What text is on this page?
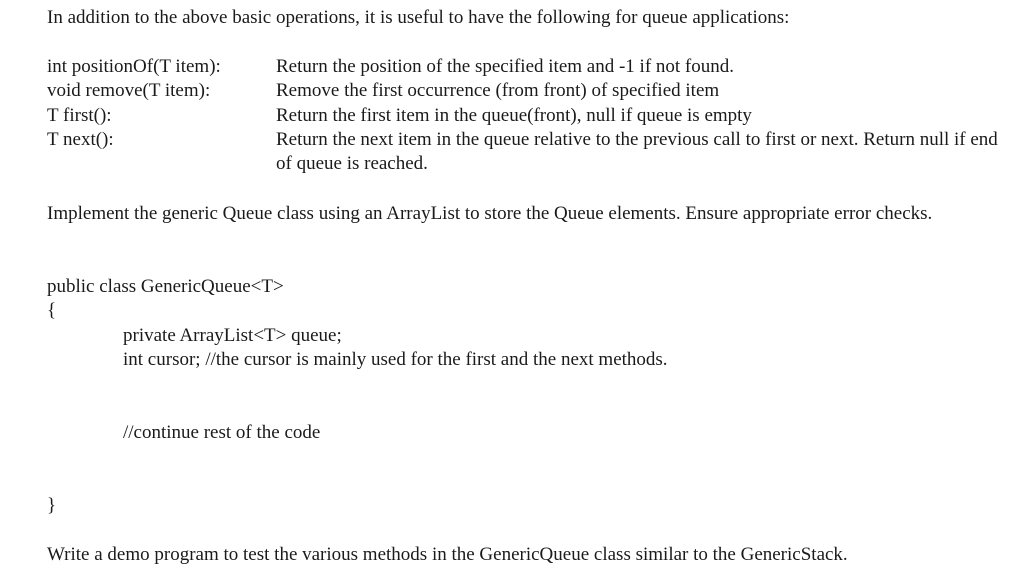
In addition to the above basic operations, it is useful to have the following for queue applications:
int positionOf(T item):	Return the position of the specified item and -1 if not found.
void remove(T item):	Remove the first occurrence (from front) of specified item
T first():	Return the first item in the queue(front), null if queue is empty
T next():	Return the next item in the queue relative to the previous call to first or next. Return null if end of queue is reached.
Implement the generic Queue class using an ArrayList to store the Queue elements. Ensure appropriate error checks.
public class GenericQueue<T>
{
private ArrayList<T> queue;
int cursor; //the cursor is mainly used for the first and the next methods.
//continue rest of the code
}
Write a demo program to test the various methods in the GenericQueue class similar to the GenericStack.
